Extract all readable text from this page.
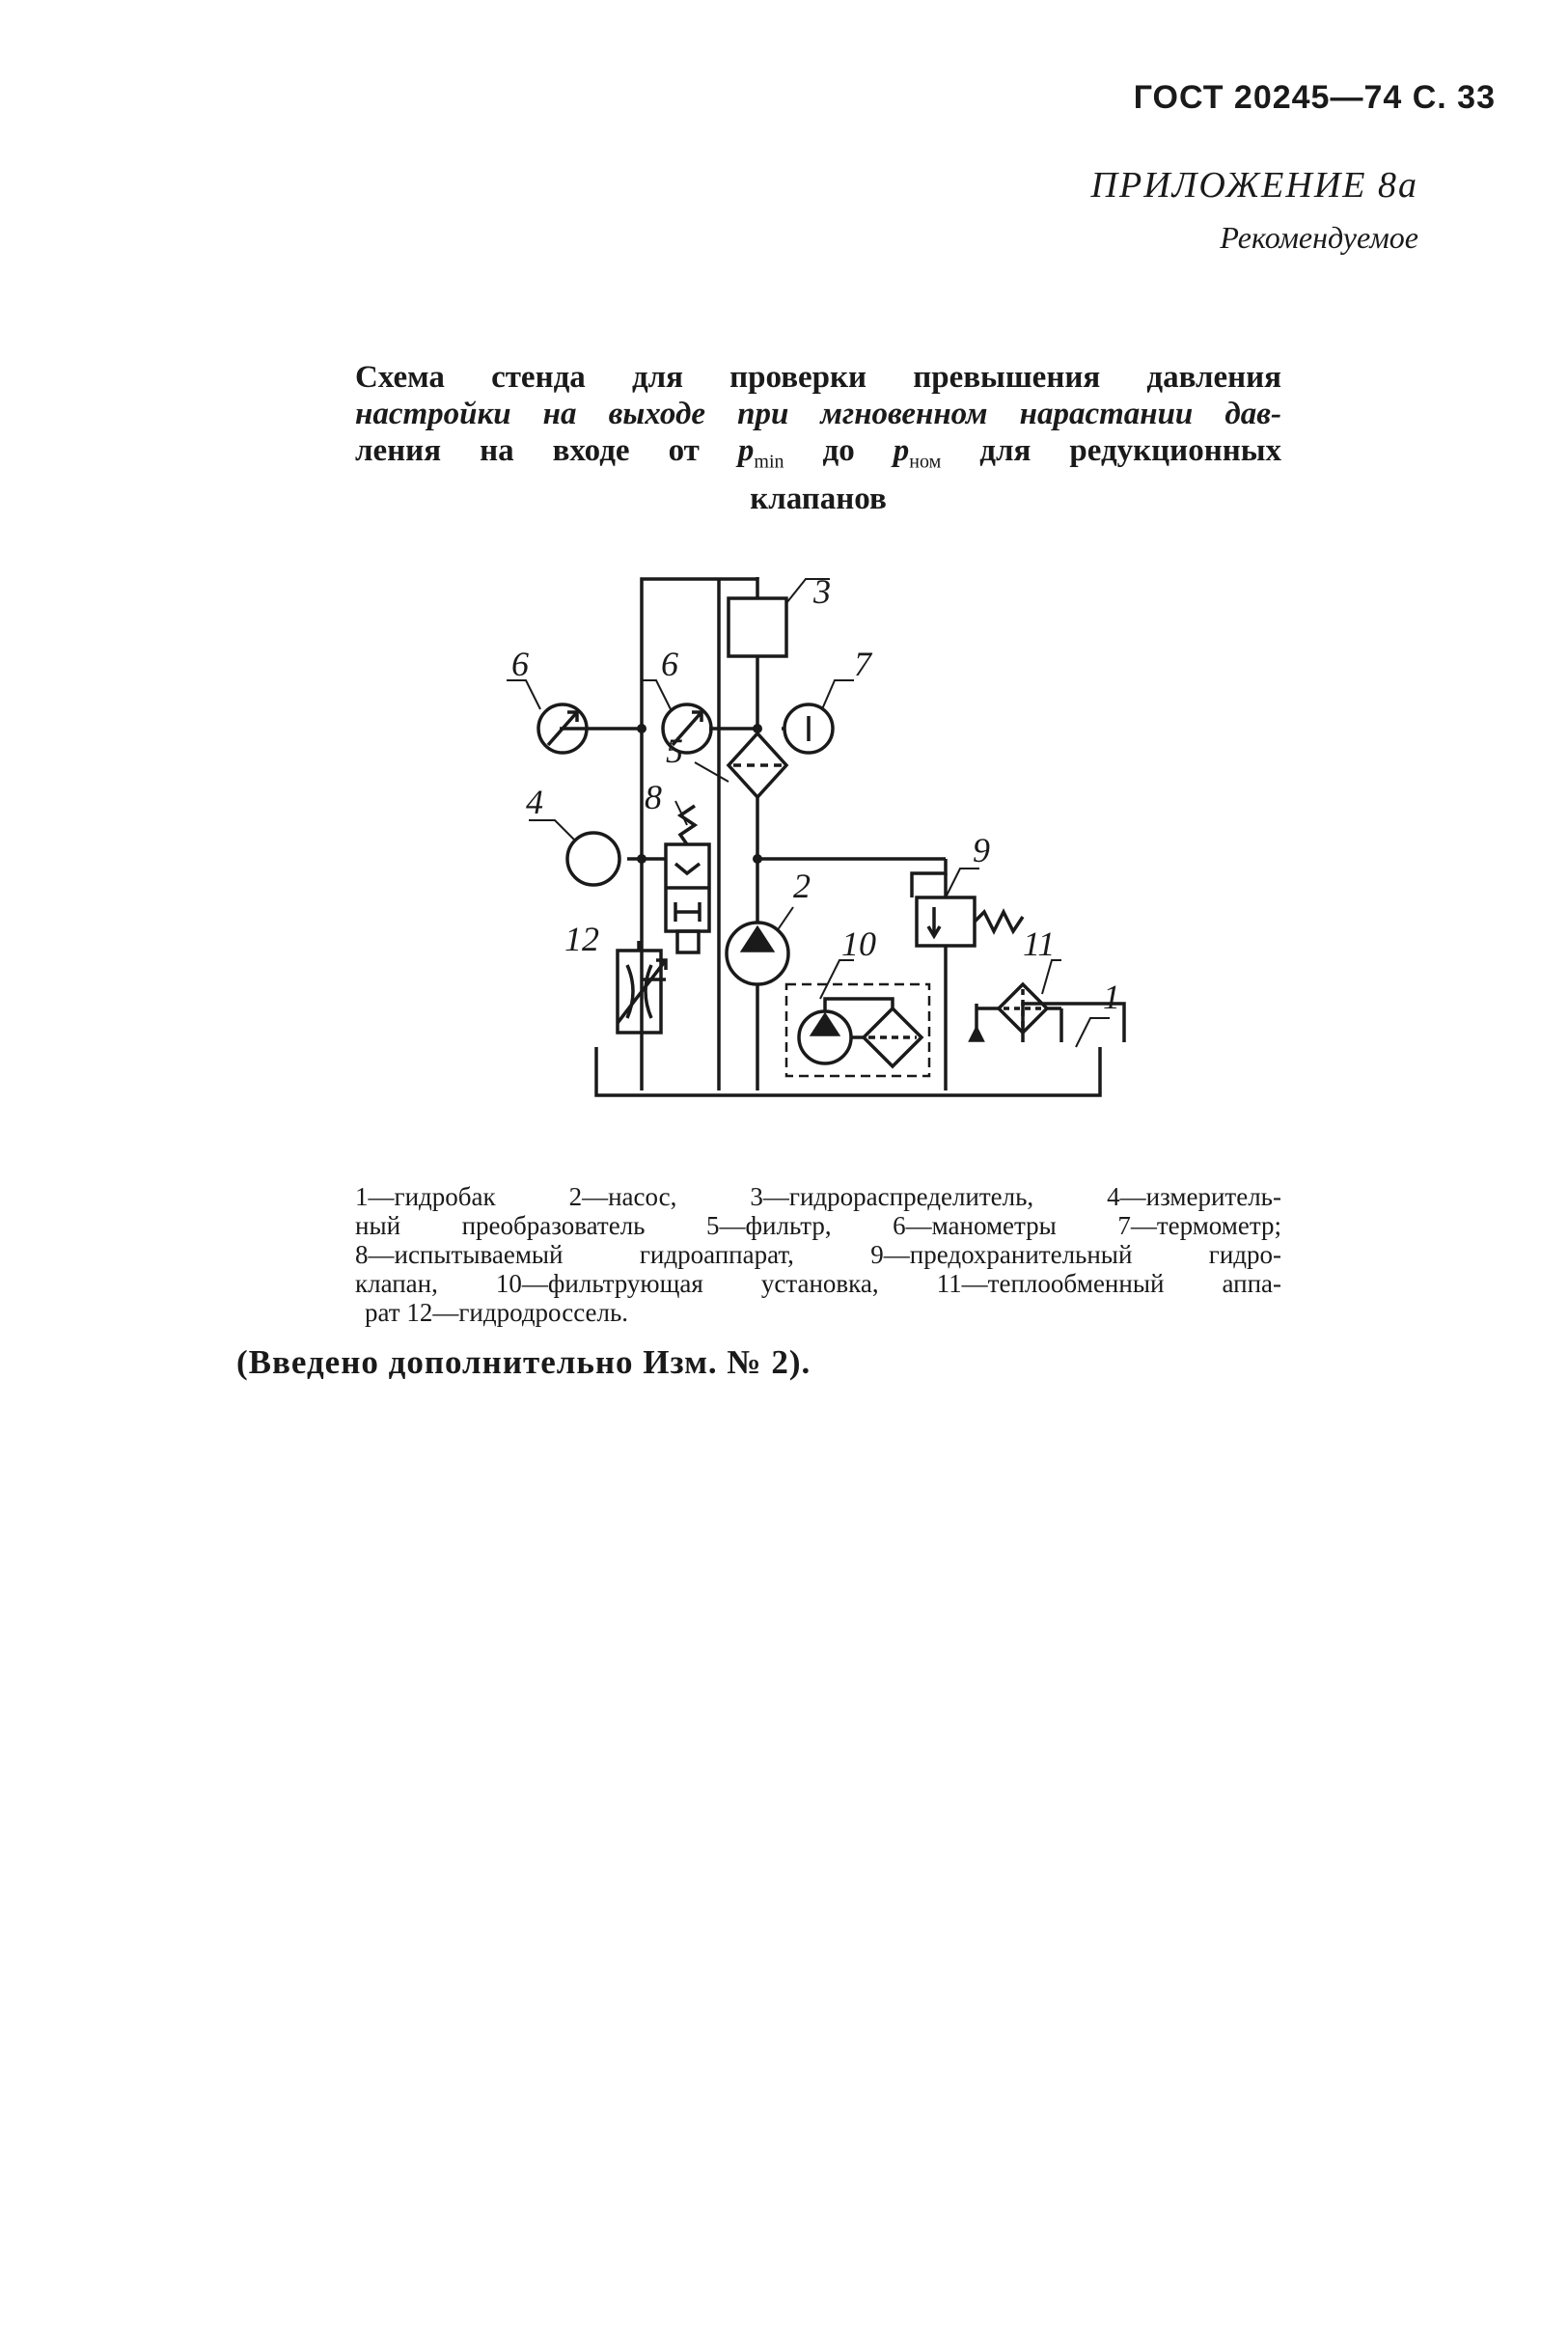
ГОСТ 20245—74 С. 33
ПРИЛОЖЕНИЕ 8а
Рекомендуемое
Схема стенда для проверки превышения давления
настройки на выходе при мгновенном нарастании дав-
ления на входе от $p_{min}$ до $p_{ном}$ для редукционных
клапанов
3
6	6	7
5
4	8
2
9
12	10	11
1
1—гидробак 2—насос, 3—гидрораспределитель, 4—измеритель-
ный преобразователь 5—фильтр, 6—манометры 7—термометр;
8—испытываемый гидроаппарат, 9—предохранительный гидро-
клапан, 10—фильтрующая установка, 11—теплообменный аппа-
рат 12—гидродроссель.
(Введено дополнительно Изм. № 2).
